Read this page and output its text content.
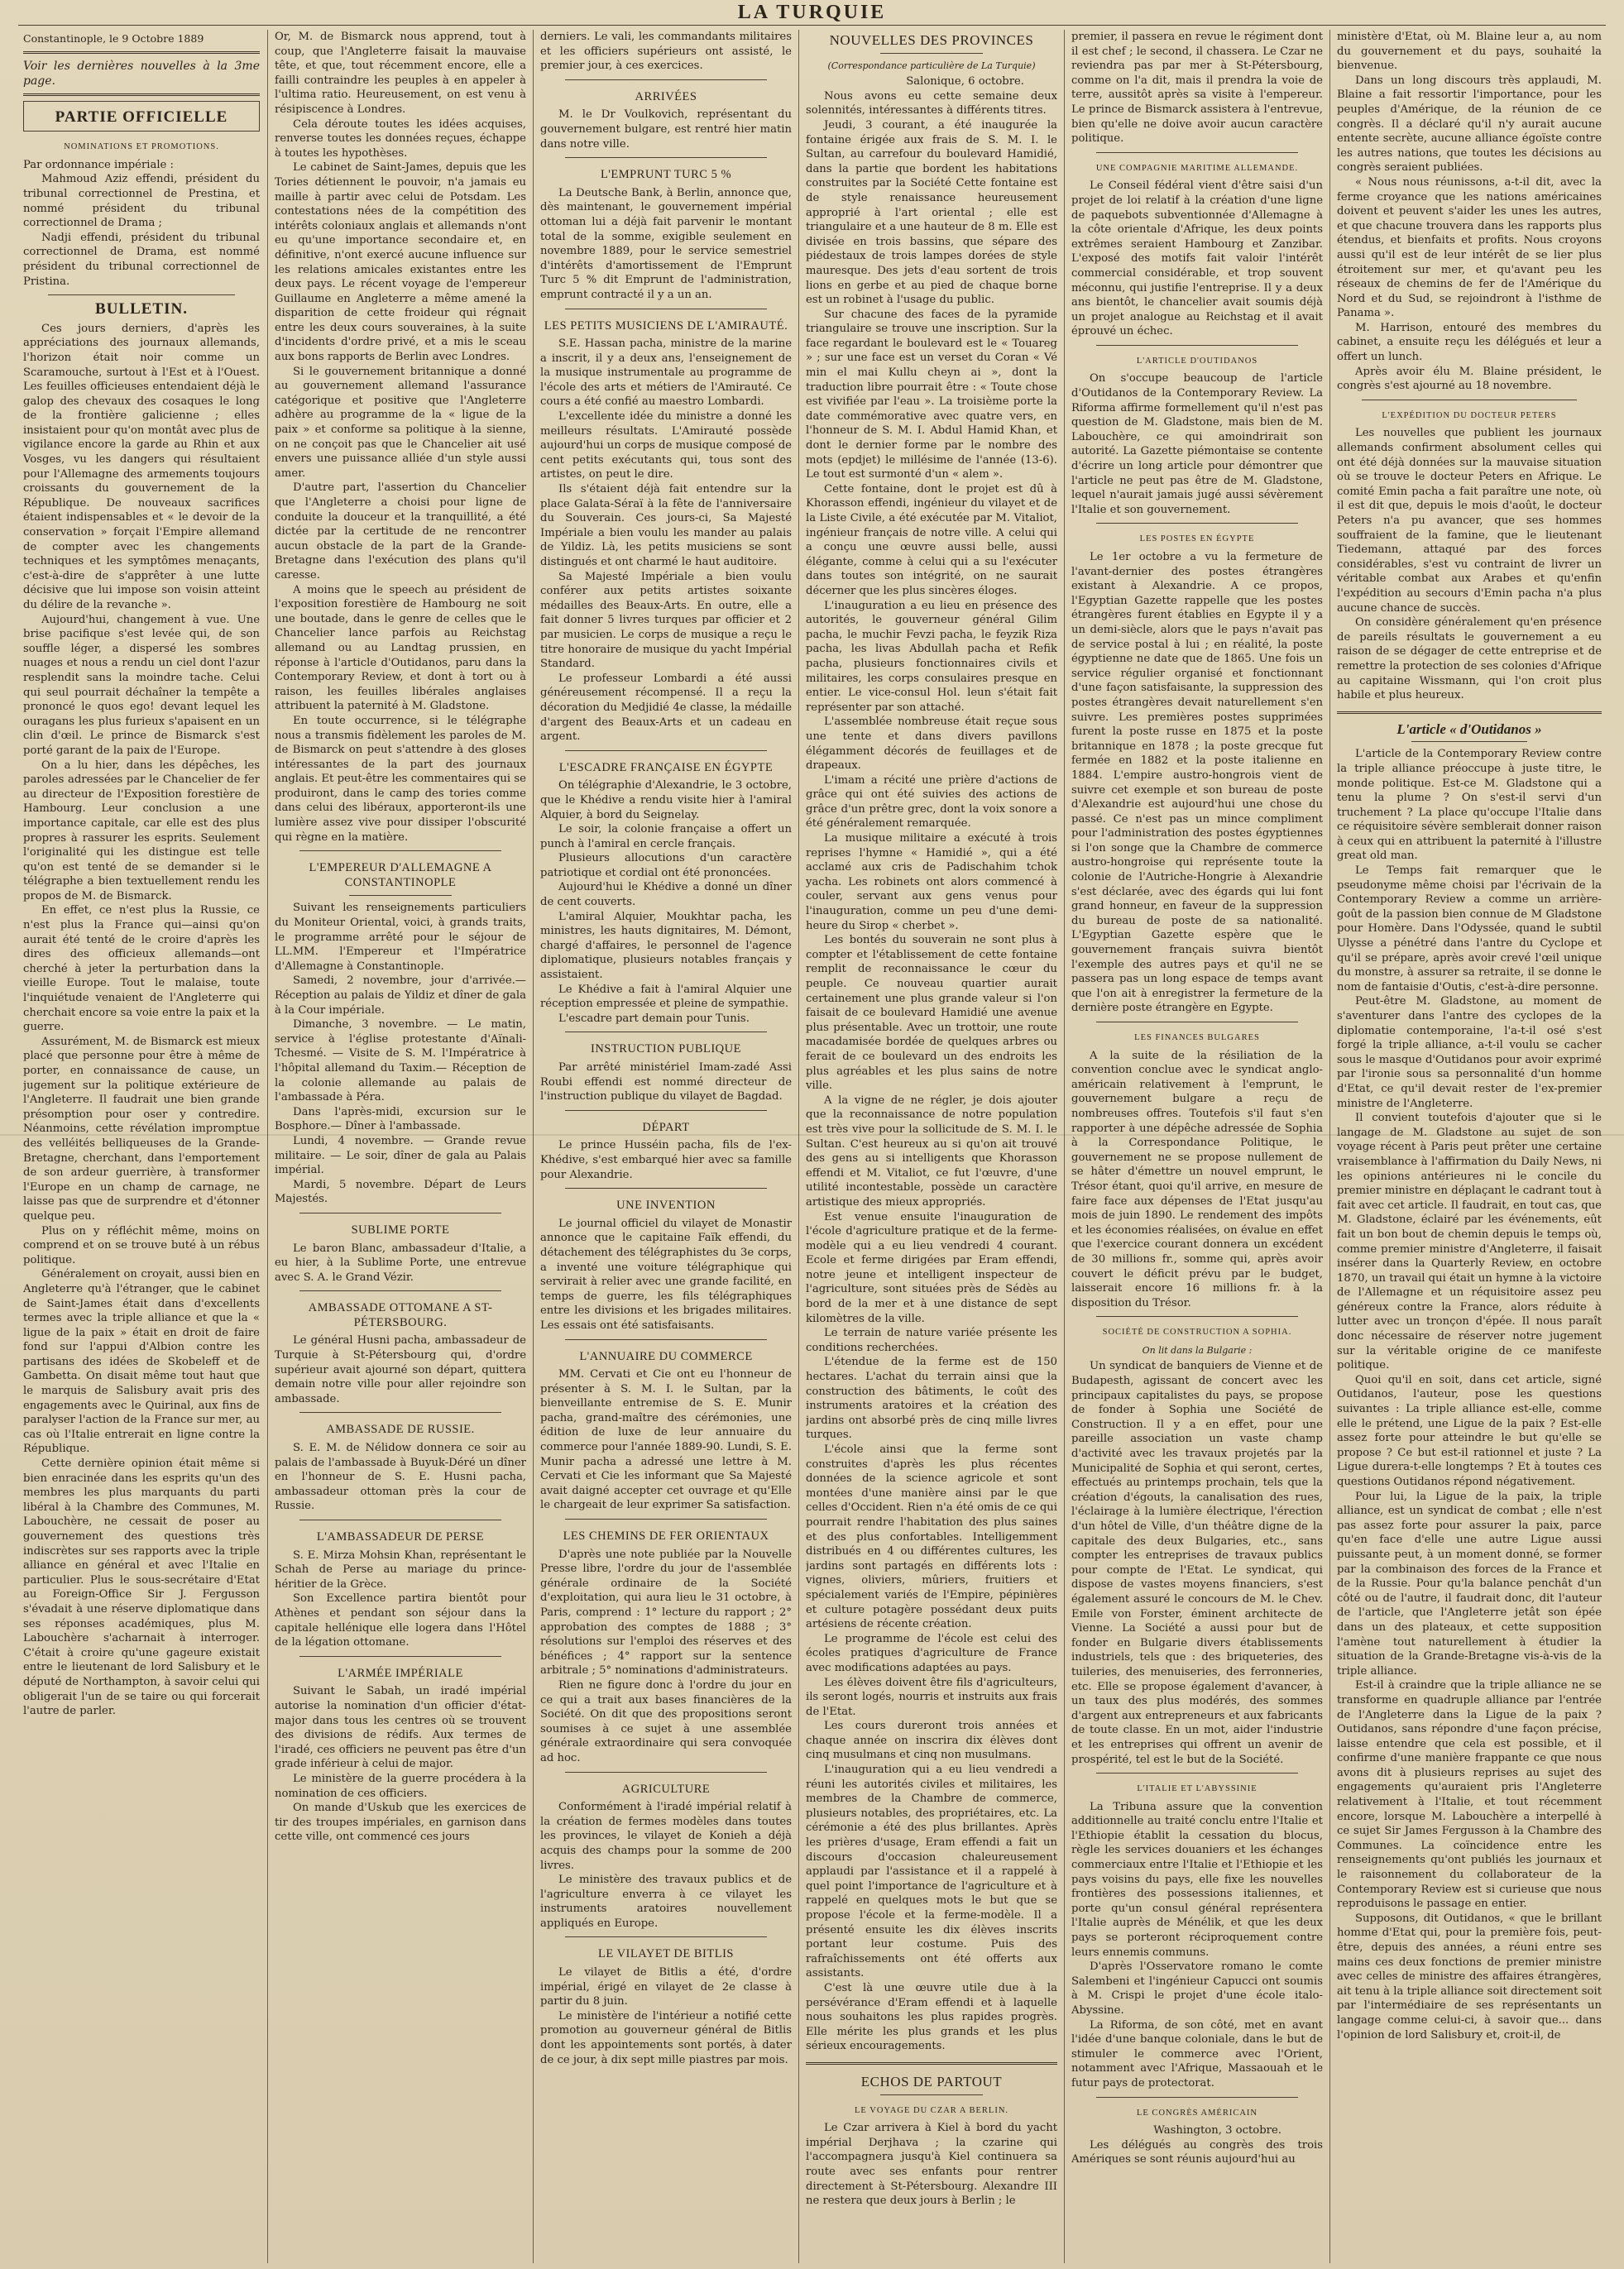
LA TURQUIE
Constantinople, le 9 Octobre 1889
Voir les dernières nouvelles à la 3me page.
PARTIE OFFICIELLE
NOMINATIONS ET PROMOTIONS.

Par ordonnance impériale :

Mahmoud Aziz effendi, président du tribunal correctionnel de Prestina, et nommé président du tribunal correctionnel de Drama ;

Nadji effendi, président du tribunal correctionnel de Drama, est nommé président du tribunal correctionnel de Pristina.

BULLETIN.

Ces jours derniers, d'après les appréciations des journaux allemands, l'horizon était noir comme un Scaramouche, surtout à l'Est et à l'Ouest. Les feuilles officieuses entendaient déjà le galop des chevaux des cosaques le long de la frontière galicienne ; elles insistaient pour qu'on montât avec plus de vigilance encore la garde au Rhin et aux Vosges, vu les dangers qui résultaient pour l'Allemagne des armements toujours croissants du gouvernement de la République. De nouveaux sacrifices étaient indispensables et « le devoir de la conservation » forçait l'Empire allemand de compter avec les changements techniques et les symptômes menaçants, c'est-à-dire de s'apprêter à une lutte décisive que lui impose son voisin atteint du délire de la revanche ».

Aujourd'hui, changement à vue. Une brise pacifique s'est levée qui, de son souffle léger, a dispersé les sombres nuages et nous a rendu un ciel dont l'azur resplendit sans la moindre tache. Celui qui seul pourrait déchaîner la tempête a prononcé le quos ego! devant lequel les ouragans les plus furieux s'apaisent en un clin d'œil. Le prince de Bismarck s'est porté garant de la paix de l'Europe.

On a lu hier, dans les dépêches, les paroles adressées par le Chancelier de fer au directeur de l'Exposition forestière de Hambourg. Leur conclusion a une importance capitale, car elle est des plus propres à rassurer les esprits. Seulement l'originalité qui les distingue est telle qu'on est tenté de se demander si le télégraphe a bien textuellement rendu les propos de M. de Bismarck.

En effet, ce n'est plus la Russie, ce n'est plus la France qui—ainsi qu'on aurait été tenté de le croire d'après les dires des officieux allemands—ont cherché à jeter la perturbation dans la vieille Europe. Tout le malaise, toute l'inquiétude venaient de l'Angleterre qui cherchait encore sa voie entre la paix et la guerre.

Assurément, M. de Bismarck est mieux placé que personne pour être à même de porter, en connaissance de cause, un jugement sur la politique extérieure de l'Angleterre. Il faudrait une bien grande présomption pour oser y contredire. Néanmoins, cette révélation impromptue des velléités belliqueuses de la Grande-Bretagne, cherchant, dans l'emportement de son ardeur guerrière, à transformer l'Europe en un champ de carnage, ne laisse pas que de surprendre et d'étonner quelque peu.

Plus on y réfléchit même, moins on comprend et on se trouve buté à un rébus politique.

Généralement on croyait, aussi bien en Angleterre qu'à l'étranger, que le cabinet de Saint-James était dans d'excellents termes avec la triple alliance et que la « ligue de la paix » était en droit de faire fond sur l'appui d'Albion contre les partisans des idées de Skobeleff et de Gambetta. On disait même tout haut que le marquis de Salisbury avait pris des engagements avec le Quirinal, aux fins de paralyser l'action de la France sur mer, au cas où l'Italie entrerait en ligne contre la République.

Cette dernière opinion était même si bien enracinée dans les esprits qu'un des membres les plus marquants du parti libéral à la Chambre des Communes, M. Labouchère, ne cessait de poser au gouvernement des questions très indiscrètes sur ses rapports avec la triple alliance en général et avec l'Italie en particulier. Plus le sous-secrétaire d'Etat au Foreign-Office Sir J. Fergusson s'évadait à une réserve diplomatique dans ses réponses académiques, plus M. Labouchère s'acharnait à interroger. C'était à croire qu'une gageure existait entre le lieutenant de lord Salisbury et le député de Northampton, à savoir celui qui obligerait l'un de se taire ou qui forcerait l'autre de parler.

Or, M. de Bismarck nous apprend, tout à coup, que l'Angleterre faisait la mauvaise tête, et que, tout récemment encore, elle a failli contraindre les peuples à en appeler à l'ultima ratio. Heureusement, on est venu à résipiscence à Londres.

Cela déroute toutes les idées acquises, renverse toutes les données reçues, échappe à toutes les hypothèses.

Le cabinet de Saint-James, depuis que les Tories détiennent le pouvoir, n'a jamais eu maille à partir avec celui de Potsdam. Les contestations nées de la compétition des intérêts coloniaux anglais et allemands n'ont eu qu'une importance secondaire et, en définitive, n'ont exercé aucune influence sur les relations amicales existantes entre les deux pays. Le récent voyage de l'empereur Guillaume en Angleterre a même amené la disparition de cette froideur qui régnait entre les deux cours souveraines, à la suite d'incidents d'ordre privé, et a mis le sceau aux bons rapports de Berlin avec Londres.

Si le gouvernement britannique a donné au gouvernement allemand l'assurance catégorique et positive que l'Angleterre adhère au programme de la « ligue de la paix » et conforme sa politique à la sienne, on ne conçoit pas que le Chancelier ait usé envers une puissance alliée d'un style aussi amer.

D'autre part, l'assertion du Chancelier que l'Angleterre a choisi pour ligne de conduite la douceur et la tranquillité, a été dictée par la certitude de ne rencontrer aucun obstacle de la part de la Grande-Bretagne dans l'exécution des plans qu'il caresse.

A moins que le speech au président de l'exposition forestière de Hambourg ne soit une boutade, dans le genre de celles que le Chancelier lance parfois au Reichstag allemand ou au Landtag prussien, en réponse à l'article d'Outidanos, paru dans la Contemporary Review, et dont à tort ou à raison, les feuilles libérales anglaises attribuent la paternité à M. Gladstone.

En toute occurrence, si le télégraphe nous a transmis fidèlement les paroles de M. de Bismarck on peut s'attendre à des gloses intéressantes de la part des journaux anglais. Et peut-être les commentaires qui se produiront, dans le camp des tories comme dans celui des libéraux, apporteront-ils une lumière assez vive pour dissiper l'obscurité qui règne en la matière.

L'EMPEREUR D'ALLEMAGNE A CONSTANTINOPLE

Suivant les renseignements particuliers du Moniteur Oriental, voici, à grands traits, le programme arrêté pour le séjour de LL.MM. l'Empereur et l'Impératrice d'Allemagne à Constantinople.

Samedi, 2 novembre, jour d'arrivée.— Réception au palais de Yildiz et dîner de gala à la Cour impériale.

Dimanche, 3 novembre. — Le matin, service à l'église protestante d'Aïnali-Tchesmé. — Visite de S. M. l'Impératrice à l'hôpital allemand du Taxim.— Réception de la colonie allemande au palais de l'ambassade à Péra.

Dans l'après-midi, excursion sur le Bosphore.— Dîner à l'ambassade.

Lundi, 4 novembre. — Grande revue militaire. — Le soir, dîner de gala au Palais impérial.

Mardi, 5 novembre. Départ de Leurs Majestés.

SUBLIME PORTE

Le baron Blanc, ambassadeur d'Italie, a eu hier, à la Sublime Porte, une entrevue avec S. A. le Grand Vézir.

AMBASSADE OTTOMANE A ST-PÉTERSBOURG.

Le général Husni pacha, ambassadeur de Turquie à St-Pétersbourg qui, d'ordre supérieur avait ajourné son départ, quittera demain notre ville pour aller rejoindre son ambassade.

AMBASSADE DE RUSSIE.

S. E. M. de Nélidow donnera ce soir au palais de l'ambassade à Buyuk-Déré un dîner en l'honneur de S. E. Husni pacha, ambassadeur ottoman près la cour de Russie.

L'AMBASSADEUR DE PERSE

S. E. Mirza Mohsin Khan, représentant le Schah de Perse au mariage du prince-héritier de la Grèce.

Son Excellence partira bientôt pour Athènes et pendant son séjour dans la capitale hellénique elle logera dans l'Hôtel de la légation ottomane.

L'ARMÉE IMPÉRIALE

Suivant le Sabah, un iradé impérial autorise la nomination d'un officier d'état-major dans tous les centres où se trouvent des divisions de rédifs. Aux termes de l'iradé, ces officiers ne peuvent pas être d'un grade inférieur à celui de major.

Le ministère de la guerre procédera à la nomination de ces officiers.

On mande d'Uskub que les exercices de tir des troupes impériales, en garnison dans cette ville, ont commencé ces jours

derniers. Le vali, les commandants militaires et les officiers supérieurs ont assisté, le premier jour, à ces exercices.

ARRIVÉES

M. le Dr Voulkovich, représentant du gouvernement bulgare, est rentré hier matin dans notre ville.

L'EMPRUNT TURC 5 %

La Deutsche Bank, à Berlin, annonce que, dès maintenant, le gouvernement impérial ottoman lui a déjà fait parvenir le montant total de la somme, exigible seulement en novembre 1889, pour le service semestriel d'intérêts d'amortissement de l'Emprunt Turc 5 % dit Emprunt de l'administration, emprunt contracté il y a un an.

LES PETITS MUSICIENS DE L'AMIRAUTÉ.

S.E. Hassan pacha, ministre de la marine a inscrit, il y a deux ans, l'enseignement de la musique instrumentale au programme de l'école des arts et métiers de l'Amirauté. Ce cours a été confié au maestro Lombardi.

L'excellente idée du ministre a donné les meilleurs résultats. L'Amirauté possède aujourd'hui un corps de musique composé de cent petits exécutants qui, tous sont des artistes, on peut le dire.

Ils s'étaient déjà fait entendre sur la place Galata-Séraï à la fête de l'anniversaire du Souverain. Ces jours-ci, Sa Majesté Impériale a bien voulu les mander au palais de Yildiz. Là, les petits musiciens se sont distingués et ont charmé le haut auditoire.

Sa Majesté Impériale a bien voulu conférer aux petits artistes soixante médailles des Beaux-Arts. En outre, elle a fait donner 5 livres turques par officier et 2 par musicien. Le corps de musique a reçu le titre honoraire de musique du yacht Impérial Standard.

Le professeur Lombardi a été aussi généreusement récompensé. Il a reçu la décoration du Medjidié 4e classe, la médaille d'argent des Beaux-Arts et un cadeau en argent.

L'ESCADRE FRANÇAISE EN ÉGYPTE

On télégraphie d'Alexandrie, le 3 octobre, que le Khédive a rendu visite hier à l'amiral Alquier, à bord du Seignelay.

Le soir, la colonie française a offert un punch à l'amiral en cercle français.

Plusieurs allocutions d'un caractère patriotique et cordial ont été prononcées.

Aujourd'hui le Khédive a donné un dîner de cent couverts.

L'amiral Alquier, Moukhtar pacha, les ministres, les hauts dignitaires, M. Démont, chargé d'affaires, le personnel de l'agence diplomatique, plusieurs notables français y assistaient.

Le Khédive a fait à l'amiral Alquier une réception empressée et pleine de sympathie.

L'escadre part demain pour Tunis.

INSTRUCTION PUBLIQUE

Par arrêté ministériel Imam-zadé Assi Roubi effendi est nommé directeur de l'instruction publique du vilayet de Bagdad.

DÉPART

Le prince Husséin pacha, fils de l'ex-Khédive, s'est embarqué hier avec sa famille pour Alexandrie.

UNE INVENTION

Le journal officiel du vilayet de Monastir annonce que le capitaine Faïk effendi, du détachement des télégraphistes du 3e corps, a inventé une voiture télégraphique qui servirait à relier avec une grande facilité, en temps de guerre, les fils télégraphiques entre les divisions et les brigades militaires. Les essais ont été satisfaisants.

L'ANNUAIRE DU COMMERCE

MM. Cervati et Cie ont eu l'honneur de présenter à S. M. I. le Sultan, par la bienveillante entremise de S. E. Munir pacha, grand-maître des cérémonies, une édition de luxe de leur annuaire du commerce pour l'année 1889-90. Lundi, S. E. Munir pacha a adressé une lettre à M. Cervati et Cie les informant que Sa Majesté avait daigné accepter cet ouvrage et qu'Elle le chargeait de leur exprimer Sa satisfaction.

LES CHEMINS DE FER ORIENTAUX

D'après une note publiée par la Nouvelle Presse libre, l'ordre du jour de l'assemblée générale ordinaire de la Société d'exploitation, qui aura lieu le 31 octobre, à Paris, comprend : 1° lecture du rapport ; 2° approbation des comptes de 1888 ; 3° résolutions sur l'emploi des réserves et des bénéfices ; 4° rapport sur la sentence arbitrale ; 5° nominations d'administrateurs.

Rien ne figure donc à l'ordre du jour en ce qui a trait aux bases financières de la Société. On dit que des propositions seront soumises à ce sujet à une assemblée générale extraordinaire qui sera convoquée ad hoc.

AGRICULTURE

Conformément à l'iradé impérial relatif à la création de fermes modèles dans toutes les provinces, le vilayet de Konieh a déjà acquis des champs pour la somme de 200 livres.

Le ministère des travaux publics et de l'agriculture enverra à ce vilayet les instruments aratoires nouvellement appliqués en Europe.

LE VILAYET DE BITLIS

Le vilayet de Bitlis a été, d'ordre impérial, érigé en vilayet de 2e classe à partir du 8 juin.

Le ministère de l'intérieur a notifié cette promotion au gouverneur général de Bitlis dont les appointements sont portés, à dater de ce jour, à dix sept mille piastres par mois.

NOUVELLES DES PROVINCES
(Correspondance particulière de La Turquie)
Salonique, 6 octobre.

Nous avons eu cette semaine deux solennités, intéressantes à différents titres.

Jeudi, 3 courant, a été inaugurée la fontaine érigée aux frais de S. M. I. le Sultan, au carrefour du boulevard Hamidié, dans la partie que bordent les habitations construites par la Société Cette fontaine est de style renaissance heureusement approprié à l'art oriental ; elle est triangulaire et a une hauteur de 8 m. Elle est divisée en trois bassins, que sépare des piédestaux de trois lampes dorées de style mauresque. Des jets d'eau sortent de trois lions en gerbe et au pied de chaque borne est un robinet à l'usage du public.

Sur chacune des faces de la pyramide triangulaire se trouve une inscription. Sur la face regardant le boulevard est le « Touareg » ; sur une face est un verset du Coran « Vé min el mai Kullu cheyn ai », dont la traduction libre pourrait être : « Toute chose est vivifiée par l'eau ». La troisième porte la date commémorative avec quatre vers, en l'honneur de S. M. I. Abdul Hamid Khan, et dont le dernier forme par le nombre des mots (epdjet) le millésime de l'année (13-6). Le tout est surmonté d'un « alem ».

Cette fontaine, dont le projet est dû à Khorasson effendi, ingénieur du vilayet et de la Liste Civile, a été exécutée par M. Vitaliot, ingénieur français de notre ville. A celui qui a conçu une œuvre aussi belle, aussi élégante, comme à celui qui a su l'exécuter dans toutes son intégrité, on ne saurait décerner que les plus sincères éloges.

L'inauguration a eu lieu en présence des autorités, le gouverneur général Gilim pacha, le muchir Fevzi pacha, le feyzik Riza pacha, les livas Abdullah pacha et Refik pacha, plusieurs fonctionnaires civils et militaires, les corps consulaires presque en entier. Le vice-consul Hol. leun s'était fait représenter par son attaché.

L'assemblée nombreuse était reçue sous une tente et dans divers pavillons élégamment décorés de feuillages et de drapeaux.

L'imam a récité une prière d'actions de grâce qui ont été suivies des actions de grâce d'un prêtre grec, dont la voix sonore a été généralement remarquée.

La musique militaire a exécuté à trois reprises l'hymne « Hamidié », qui a été acclamé aux cris de Padischahim tchok yacha. Les robinets ont alors commencé à couler, servant aux gens venus pour l'inauguration, comme un peu d'une demi-heure du Sirop « cherbet ».

Les bontés du souverain ne sont plus à compter et l'établissement de cette fontaine remplit de reconnaissance le cœur du peuple. Ce nouveau quartier aurait certainement une plus grande valeur si l'on faisait de ce boulevard Hamidié une avenue plus présentable. Avec un trottoir, une route macadamisée bordée de quelques arbres ou ferait de ce boulevard un des endroits les plus agréables et les plus sains de notre ville.

A la vigne de ne régler, je dois ajouter que la reconnaissance de notre population est très vive pour la sollicitude de S. M. I. le Sultan. C'est heureux au si qu'on ait trouvé des gens au si intelligents que Khorasson effendi et M. Vitaliot, ce fut l'œuvre, d'une utilité incontestable, possède un caractère artistique des mieux appropriés.

Est venue ensuite l'inauguration de l'école d'agriculture pratique et de la ferme-modèle qui a eu lieu vendredi 4 courant. Ecole et ferme dirigées par Eram effendi, notre jeune et intelligent inspecteur de l'agriculture, sont situées près de Sédès au bord de la mer et à une distance de sept kilomètres de la ville.

Le terrain de nature variée présente les conditions recherchées.

L'étendue de la ferme est de 150 hectares. L'achat du terrain ainsi que la construction des bâtiments, le coût des instruments aratoires et la création des jardins ont absorbé près de cinq mille livres turques.

L'école ainsi que la ferme sont construites d'après les plus récentes données de la science agricole et sont montées d'une manière ainsi par le que celles d'Occident. Rien n'a été omis de ce qui pourrait rendre l'habitation des plus saines et des plus confortables. Intelligemment distribués en 4 ou différentes cultures, les jardins sont partagés en différents lots : vignes, oliviers, mûriers, fruitiers et spécialement variés de l'Empire, pépinières et culture potagère possédant deux puits artésiens de récente création.

Le programme de l'école est celui des écoles pratiques d'agriculture de France avec modifications adaptées au pays.

Les élèves doivent être fils d'agriculteurs, ils seront logés, nourris et instruits aux frais de l'Etat.

Les cours dureront trois années et chaque année on inscrira dix élèves dont cinq musulmans et cinq non musulmans.

L'inauguration qui a eu lieu vendredi a réuni les autorités civiles et militaires, les membres de la Chambre de commerce, plusieurs notables, des propriétaires, etc. La cérémonie a été des plus brillantes. Après les prières d'usage, Eram effendi a fait un discours d'occasion chaleureusement applaudi par l'assistance et il a rappelé à quel point l'importance de l'agriculture et à rappelé en quelques mots le but que se propose l'école et la ferme-modèle. Il a présenté ensuite les dix élèves inscrits portant leur costume. Puis des rafraîchissements ont été offerts aux assistants.

C'est là une œuvre utile due à la persévérance d'Eram effendi et à laquelle nous souhaitons les plus rapides progrès. Elle mérite les plus grands et les plus sérieux encouragements.

ECHOS DE PARTOUT
LE VOYAGE DU CZAR A BERLIN.

Le Czar arrivera à Kiel à bord du yacht impérial Derjhava ; la czarine qui l'accompagnera jusqu'à Kiel continuera sa route avec ses enfants pour rentrer directement à St-Pétersbourg. Alexandre III ne restera que deux jours à Berlin ; le

premier, il passera en revue le régiment dont il est chef ; le second, il chassera. Le Czar ne reviendra pas par mer à St-Pétersbourg, comme on l'a dit, mais il prendra la voie de terre, aussitôt après sa visite à l'empereur. Le prince de Bismarck assistera à l'entrevue, bien qu'elle ne doive avoir aucun caractère politique.

UNE COMPAGNIE MARITIME ALLEMANDE.

Le Conseil fédéral vient d'être saisi d'un projet de loi relatif à la création d'une ligne de paquebots subventionnée d'Allemagne à la côte orientale d'Afrique, les deux points extrêmes seraient Hambourg et Zanzibar. L'exposé des motifs fait valoir l'intérêt commercial considérable, et trop souvent méconnu, qui justifie l'entreprise. Il y a deux ans bientôt, le chancelier avait soumis déjà un projet analogue au Reichstag et il avait éprouvé un échec.

L'ARTICLE D'OUTIDANOS

On s'occupe beaucoup de l'article d'Outidanos de la Contemporary Review. La Riforma affirme formellement qu'il n'est pas question de M. Gladstone, mais bien de M. Labouchère, ce qui amoindrirait son autorité. La Gazette piémontaise se contente d'écrire un long article pour démontrer que l'article ne peut pas être de M. Gladstone, lequel n'aurait jamais jugé aussi sévèrement l'Italie et son gouvernement.

LES POSTES EN ÉGYPTE

Le 1er octobre a vu la fermeture de l'avant-dernier des postes étrangères existant à Alexandrie. A ce propos, l'Egyptian Gazette rappelle que les postes étrangères furent établies en Egypte il y a un demi-siècle, alors que le pays n'avait pas de service postal à lui ; en réalité, la poste égyptienne ne date que de 1865. Une fois un service régulier organisé et fonctionnant d'une façon satisfaisante, la suppression des postes étrangères devait naturellement s'en suivre. Les premières postes supprimées furent la poste russe en 1875 et la poste britannique en 1878 ; la poste grecque fut fermée en 1882 et la poste italienne en 1884. L'empire austro-hongrois vient de suivre cet exemple et son bureau de poste d'Alexandrie est aujourd'hui une chose du passé. Ce n'est pas un mince compliment pour l'administration des postes égyptiennes si l'on songe que la Chambre de commerce austro-hongroise qui représente toute la colonie de l'Autriche-Hongrie à Alexandrie s'est déclarée, avec des égards qui lui font grand honneur, en faveur de la suppression du bureau de poste de sa nationalité. L'Egyptian Gazette espère que le gouvernement français suivra bientôt l'exemple des autres pays et qu'il ne se passera pas un long espace de temps avant que l'on ait à enregistrer la fermeture de la dernière poste étrangère en Egypte.

LES FINANCES BULGARES

A la suite de la résiliation de la convention conclue avec le syndicat anglo-américain relativement à l'emprunt, le gouvernement bulgare a reçu de nombreuses offres. Toutefois s'il faut s'en rapporter à une dépêche adressée de Sophia à la Correspondance Politique, le gouvernement ne se propose nullement de se hâter d'émettre un nouvel emprunt, le Trésor étant, quoi qu'il arrive, en mesure de faire face aux dépenses de l'Etat jusqu'au mois de juin 1890. Le rendement des impôts et les économies réalisées, on évalue en effet que l'exercice courant donnera un excédent de 30 millions fr., somme qui, après avoir couvert le déficit prévu par le budget, laisserait encore 16 millions fr. à la disposition du Trésor.

SOCIÉTÉ DE CONSTRUCTION A SOPHIA.
On lit dans la Bulgarie :

Un syndicat de banquiers de Vienne et de Budapesth, agissant de concert avec les principaux capitalistes du pays, se propose de fonder à Sophia une Société de Construction. Il y a en effet, pour une pareille association un vaste champ d'activité avec les travaux projetés par la Municipalité de Sophia et qui seront, certes, effectués au printemps prochain, tels que la création d'égouts, la canalisation des rues, l'éclairage à la lumière électrique, l'érection d'un hôtel de Ville, d'un théâtre digne de la capitale des deux Bulgaries, etc., sans compter les entreprises de travaux publics pour compte de l'Etat. Le syndicat, qui dispose de vastes moyens financiers, s'est également assuré le concours de M. le Chev. Emile von Forster, éminent architecte de Vienne. La Société a aussi pour but de fonder en Bulgarie divers établissements industriels, tels que : des briqueteries, des tuileries, des menuiseries, des ferronneries, etc. Elle se propose également d'avancer, à un taux des plus modérés, des sommes d'argent aux entrepreneurs et aux fabricants de toute classe. En un mot, aider l'industrie et les entreprises qui offrent un avenir de prospérité, tel est le but de la Société.

L'ITALIE ET L'ABYSSINIE

La Tribuna assure que la convention additionnelle au traité conclu entre l'Italie et l'Ethiopie établit la cessation du blocus, règle les services douaniers et les échanges commerciaux entre l'Italie et l'Ethiopie et les pays voisins du pays, elle fixe les nouvelles frontières des possessions italiennes, et porte qu'un consul général représentera l'Italie auprès de Ménélik, et que les deux pays se porteront réciproquement contre leurs ennemis communs.

D'après l'Osservatore romano le comte Salembeni et l'ingénieur Capucci ont soumis à M. Crispi le projet d'une école italo-Abyssine.

La Riforma, de son côté, met en avant l'idée d'une banque coloniale, dans le but de stimuler le commerce avec l'Orient, notamment avec l'Afrique, Massaouah et le futur pays de protectorat.

LE CONGRÈS AMÉRICAIN
Washington, 3 octobre.

Les délégués au congrès des trois Amériques se sont réunis aujourd'hui au

ministère d'Etat, où M. Blaine leur a, au nom du gouvernement et du pays, souhaité la bienvenue.

Dans un long discours très applaudi, M. Blaine a fait ressortir l'importance, pour les peuples d'Amérique, de la réunion de ce congrès. Il a déclaré qu'il n'y aurait aucune entente secrète, aucune alliance égoïste contre les autres nations, que toutes les décisions au congrès seraient publiées.

« Nous nous réunissons, a-t-il dit, avec la ferme croyance que les nations américaines doivent et peuvent s'aider les unes les autres, et que chacune trouvera dans les rapports plus étendus, et bienfaits et profits. Nous croyons aussi qu'il est de leur intérêt de se lier plus étroitement sur mer, et qu'avant peu les réseaux de chemins de fer de l'Amérique du Nord et du Sud, se rejoindront à l'isthme de Panama ».

M. Harrison, entouré des membres du cabinet, a ensuite reçu les délégués et leur a offert un lunch.

Après avoir élu M. Blaine président, le congrès s'est ajourné au 18 novembre.

L'EXPÉDITION DU DOCTEUR PETERS

Les nouvelles que publient les journaux allemands confirment absolument celles qui ont été déjà données sur la mauvaise situation où se trouve le docteur Peters en Afrique. Le comité Emin pacha a fait paraître une note, où il est dit que, depuis le mois d'août, le docteur Peters n'a pu avancer, que ses hommes souffraient de la famine, que le lieutenant Tiedemann, attaqué par des forces considérables, s'est vu contraint de livrer un véritable combat aux Arabes et qu'enfin l'expédition au secours d'Emin pacha n'a plus aucune chance de succès.

On considère généralement qu'en présence de pareils résultats le gouvernement a eu raison de se dégager de cette entreprise et de remettre la protection de ses colonies d'Afrique au capitaine Wissmann, qui l'on croit plus habile et plus heureux.

L'article « d'Outidanos »

L'article de la Contemporary Review contre la triple alliance préoccupe à juste titre, le monde politique. Est-ce M. Gladstone qui a tenu la plume ? On s'est-il servi d'un truchement ? La place qu'occupe l'Italie dans ce réquisitoire sévère semblerait donner raison à ceux qui en attribuent la paternité à l'illustre great old man.

Le Temps fait remarquer que le pseudonyme même choisi par l'écrivain de la Contemporary Review a comme un arrière-goût de la passion bien connue de M Gladstone pour Homère. Dans l'Odyssée, quand le subtil Ulysse a pénétré dans l'antre du Cyclope et qu'il se prépare, après avoir crevé l'œil unique du monstre, à assurer sa retraite, il se donne le nom de fantaisie d'Outis, c'est-à-dire personne.

Peut-être M. Gladstone, au moment de s'aventurer dans l'antre des cyclopes de la diplomatie contemporaine, l'a-t-il osé s'est forgé la triple alliance, a-t-il voulu se cacher sous le masque d'Outidanos pour avoir exprimé par l'ironie sous sa personnalité d'un homme d'Etat, ce qu'il devait rester de l'ex-premier ministre de l'Angleterre.

Il convient toutefois d'ajouter que si le langage de M. Gladstone au sujet de son voyage récent à Paris peut prêter une certaine vraisemblance à l'affirmation du Daily News, ni les opinions antérieures ni le concile du premier ministre en déplaçant le cadrant tout à fait avec cet article. Il faudrait, en tout cas, que M. Gladstone, éclairé par les événements, eût fait un bon bout de chemin depuis le temps où, comme premier ministre d'Angleterre, il faisait insérer dans la Quarterly Review, en octobre 1870, un travail qui était un hymne à la victoire de l'Allemagne et un réquisitoire assez peu généreux contre la France, alors réduite à lutter avec un tronçon d'épée. Il nous paraît donc nécessaire de réserver notre jugement sur la véritable origine de ce manifeste politique.

Quoi qu'il en soit, dans cet article, signé Outidanos, l'auteur, pose les questions suivantes : La triple alliance est-elle, comme elle le prétend, une Ligue de la paix ? Est-elle assez forte pour atteindre le but qu'elle se propose ? Ce but est-il rationnel et juste ? La Ligue durera-t-elle longtemps ? Et à toutes ces questions Outidanos répond négativement.

Pour lui, la Ligue de la paix, la triple alliance, est un syndicat de combat ; elle n'est pas assez forte pour assurer la paix, parce qu'en face d'elle une autre Ligue aussi puissante peut, à un moment donné, se former par la combinaison des forces de la France et de la Russie. Pour qu'la balance penchât d'un côté ou de l'autre, il faudrait donc, dit l'auteur de l'article, que l'Angleterre jetât son épée dans un des plateaux, et cette supposition l'amène tout naturellement à étudier la situation de la Grande-Bretagne vis-à-vis de la triple alliance.

Est-il à craindre que la triple alliance ne se transforme en quadruple alliance par l'entrée de l'Angleterre dans la Ligue de la paix ? Outidanos, sans répondre d'une façon précise, laisse entendre que cela est possible, et il confirme d'une manière frappante ce que nous avons dit à plusieurs reprises au sujet des engagements qu'auraient pris l'Angleterre relativement à l'Italie, et tout récemment encore, lorsque M. Labouchère a interpellé à ce sujet Sir James Fergusson à la Chambre des Communes. La coïncidence entre les renseignements qu'ont publiés les journaux et le raisonnement du collaborateur de la Contemporary Review est si curieuse que nous reproduisons le passage en entier.

Supposons, dit Outidanos, « que le brillant homme d'Etat qui, pour la première fois, peut-être, depuis des années, a réuni entre ses mains ces deux fonctions de premier ministre avec celles de ministre des affaires étrangères, ait tenu à la triple alliance soit directement soit par l'intermédiaire de ses représentants un langage comme celui-ci, à savoir que... dans l'opinion de lord Salisbury et, croit-il, de
